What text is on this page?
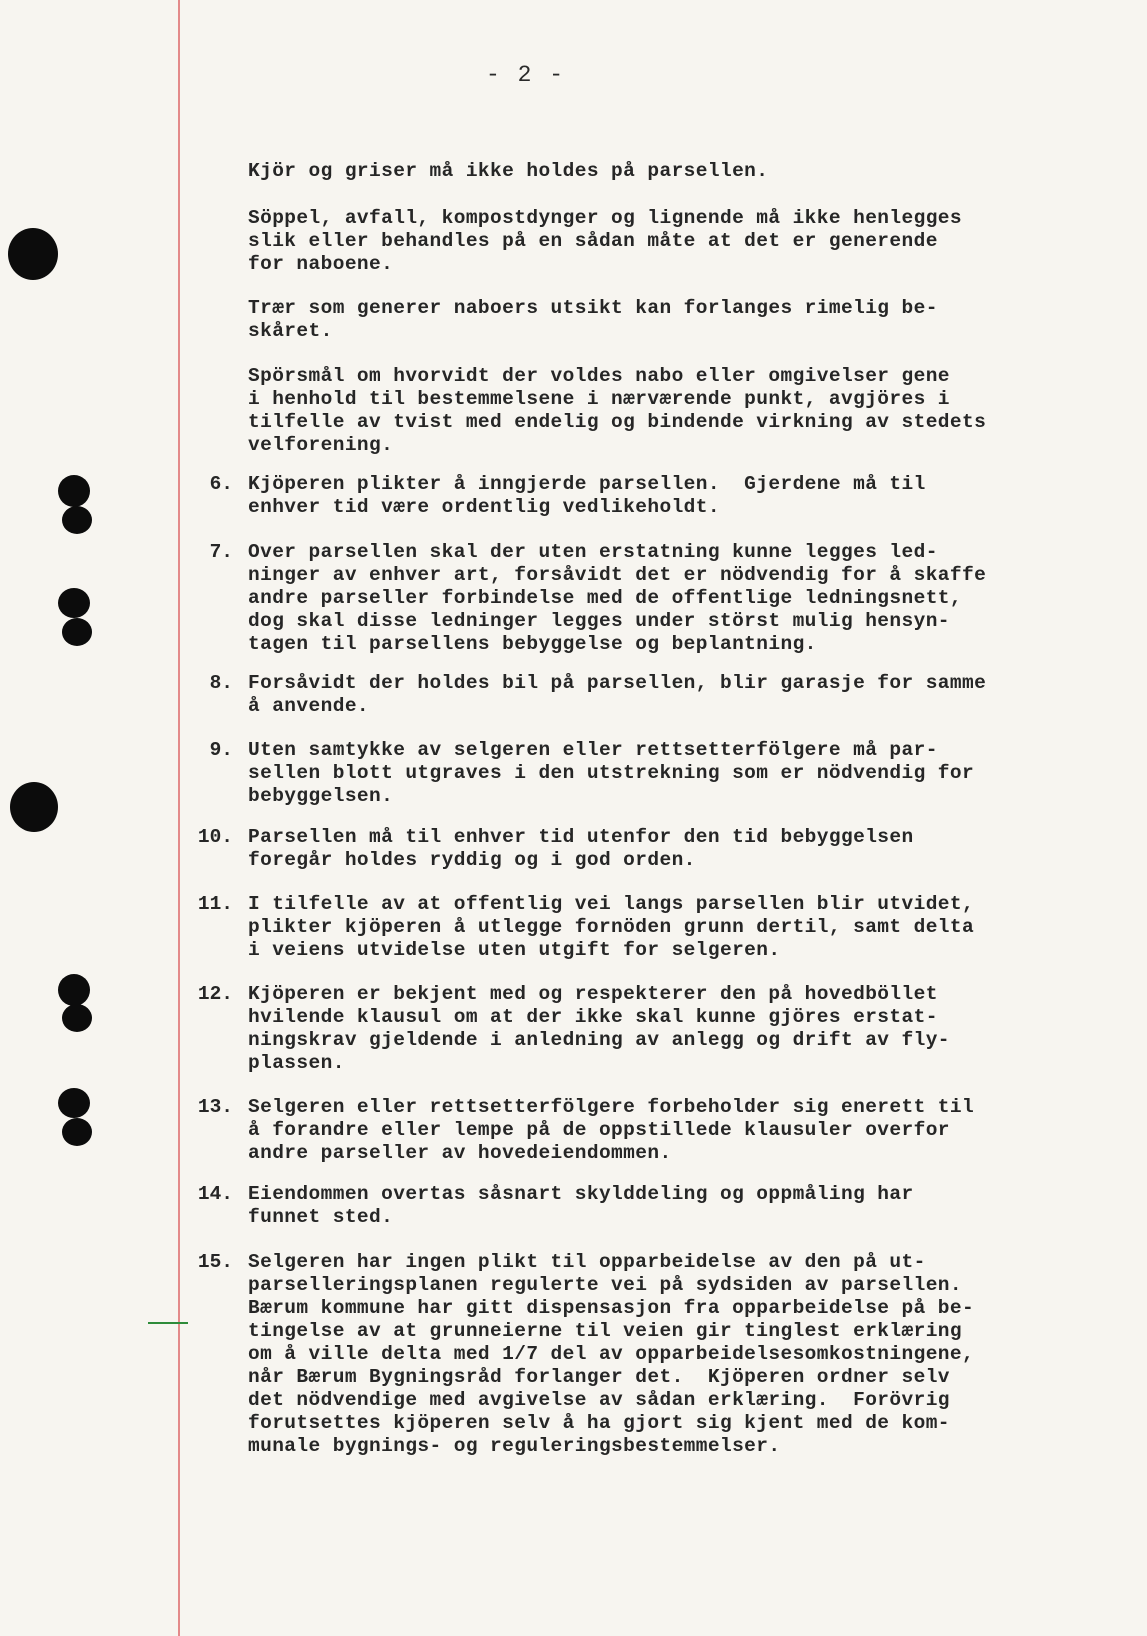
- 2 -
Kjör og griser må ikke holdes på parsellen.
Söppel, avfall, kompostdynger og lignende må ikke henlegges
slik eller behandles på en sådan måte at det er generende
for naboene.
Trær som generer naboers utsikt kan forlanges rimelig be-
skåret.
Spörsmål om hvorvidt der voldes nabo eller omgivelser gene
i henhold til bestemmelsene i nærværende punkt, avgjöres i
tilfelle av tvist med endelig og bindende virkning av stedets
velforening.
6. Kjöperen plikter å inngjerde parsellen.  Gjerdene må til
enhver tid være ordentlig vedlikeholdt.
7. Over parsellen skal der uten erstatning kunne legges led-
ninger av enhver art, forsåvidt det er nödvendig for å skaffe
andre parseller forbindelse med de offentlige ledningsnett,
dog skal disse ledninger legges under störst mulig hensyn-
tagen til parsellens bebyggelse og beplantning.
8. Forsåvidt der holdes bil på parsellen, blir garasje for samme
å anvende.
9. Uten samtykke av selgeren eller rettsetterfölgere må par-
sellen blott utgraves i den utstrekning som er nödvendig for
bebyggelsen.
10. Parsellen må til enhver tid utenfor den tid bebyggelsen
foregår holdes ryddig og i god orden.
11. I tilfelle av at offentlig vei langs parsellen blir utvidet,
plikter kjöperen å utlegge fornöden grunn dertil, samt delta
i veiens utvidelse uten utgift for selgeren.
12. Kjöperen er bekjent med og respekterer den på hovedböllet
hvilende klausul om at der ikke skal kunne gjöres erstat-
ningskrav gjeldende i anledning av anlegg og drift av fly-
plassen.
13. Selgeren eller rettsetterfölgere forbeholder sig enerett til
å forandre eller lempe på de oppstillede klausuler overfor
andre parseller av hovedeiendommen.
14. Eiendommen overtas såsnart skylddeling og oppmåling har
funnet sted.
15. Selgeren har ingen plikt til opparbeidelse av den på ut-
parselleringsplanen regulerte vei på sydsiden av parsellen.
Bærum kommune har gitt dispensasjon fra opparbeidelse på be-
tingelse av at grunneierne til veien gir tinglest erklæring
om å ville delta med 1/7 del av opparbeidelsesomkostningene,
når Bærum Bygningsråd forlanger det.  Kjöperen ordner selv
det nödvendige med avgivelse av sådan erklæring.  Forövrig
forutsettes kjöperen selv å ha gjort sig kjent med de kom-
munale bygnings- og reguleringsbestemmelser.
